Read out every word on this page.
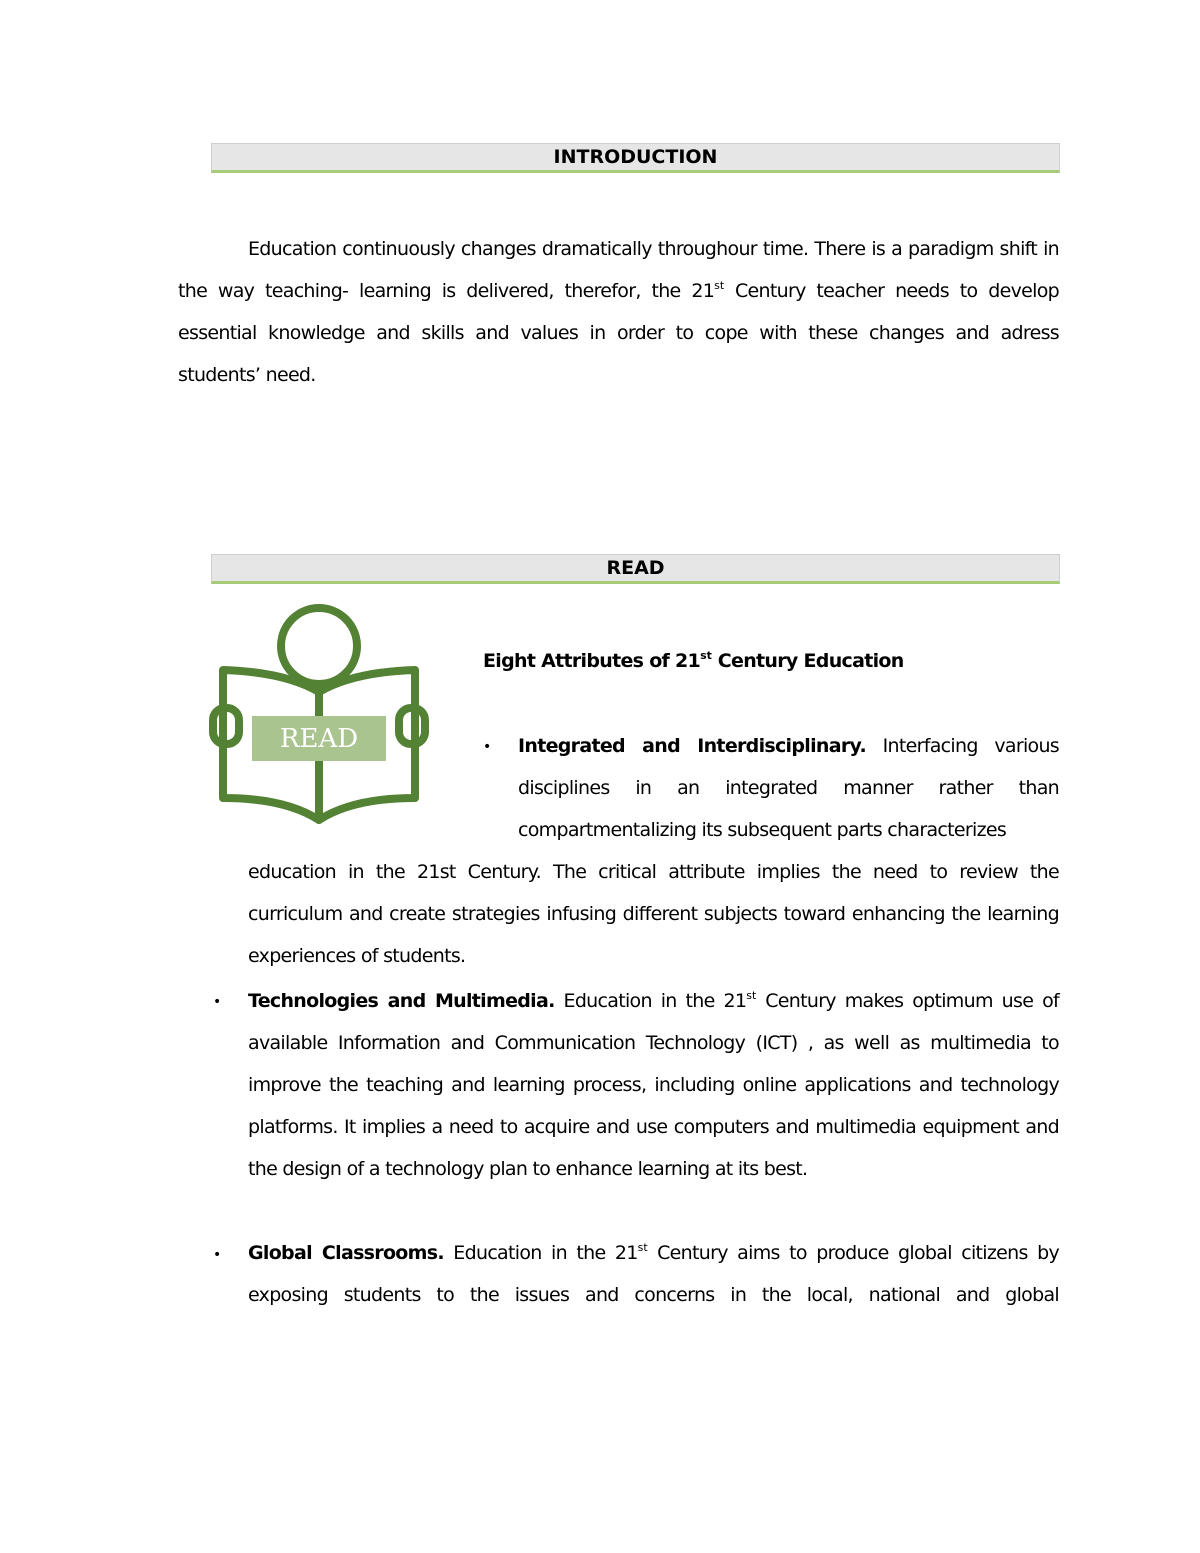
INTRODUCTION

Education continuously changes dramatically throughour time. There is a paradigm shift in the way teaching- learning is delivered, therefor, the 21st Century teacher needs to develop essential knowledge and skills and values in order to cope with these changes and adress students’ need.

READ
READ

Eight Attributes of 21st Century Education

• Integrated and Interdisciplinary. Interfacing various disciplines in an integrated manner rather than compartmentalizing its subsequent parts characterizes

education in the 21st Century. The critical attribute implies the need to review the curriculum and create strategies infusing different subjects toward enhancing the learning experiences of students.

• Technologies and Multimedia. Education in the 21st Century makes optimum use of available Information and Communication Technology (ICT) , as well as multimedia to improve the teaching and learning process, including online applications and technology platforms. It implies a need to acquire and use computers and multimedia equipment and the design of a technology plan to enhance learning at its best.

• Global Classrooms. Education in the 21st Century aims to produce global citizens by exposing students to the issues and concerns in the local, national and global
